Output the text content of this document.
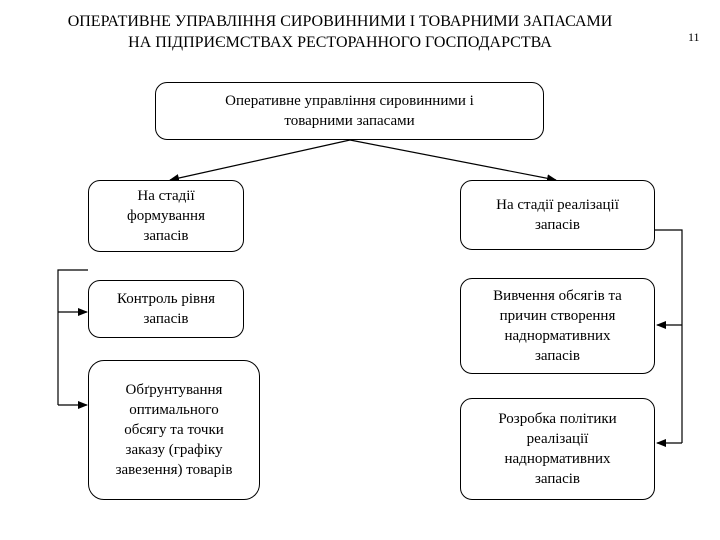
ОПЕРАТИВНЕ УПРАВЛІННЯ СИРОВИННИМИ І ТОВАРНИМИ ЗАПАСАМИ
НА ПІДПРИЄМСТВАХ РЕСТОРАННОГО ГОСПОДАРСТВА	11
Оперативне управління сировинними і
товарними запасами
На стадії
формування
запасів
Контроль рівня
запасів
Обґрунтування
оптимального
обсягу та точки
заказу (графіку
завезення) товарів
На стадії реалізації
запасів
Вивчення обсягів та
причин створення
наднормативних
запасів
Розробка політики
реалізації
наднормативних
запасів
